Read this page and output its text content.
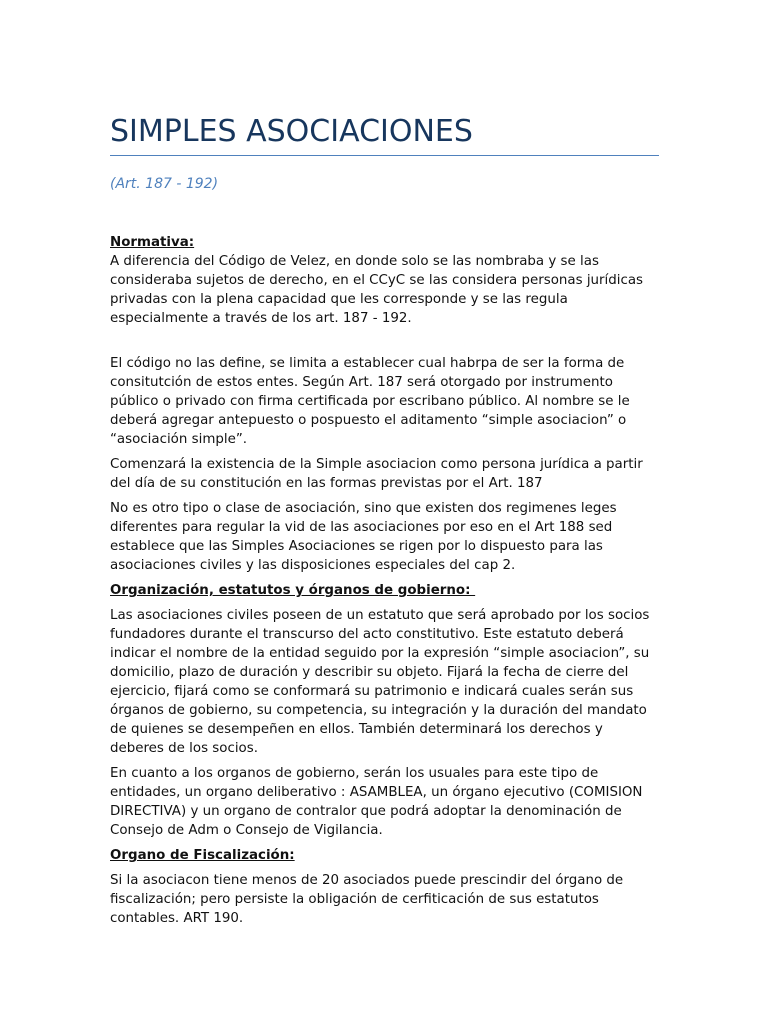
SIMPLES ASOCIACIONES

(Art. 187 - 192)

Normativa:

A diferencia del Código de Velez, en donde solo se las nombraba y se las consideraba sujetos de derecho, en el CCyC se las considera personas jurídicas privadas con la plena capacidad que les corresponde y se las regula especialmente a través de los art. 187 - 192.

El código no las define, se limita a establecer cual habrpa de ser la forma de consitutción de estos entes. Según Art. 187 será otorgado por instrumento público o privado con firma certificada por escribano público. Al nombre se le deberá agregar antepuesto o pospuesto el aditamento “simple asociacion” o “asociación simple”.

Comenzará la existencia de la Simple asociacion como persona jurídica a partir del día de su constitución en las formas previstas por el Art. 187

No es otro tipo o clase de asociación, sino que existen dos regimenes leges diferentes para regular la vid de las asociaciones por eso en el Art 188 sed establece que las Simples Asociaciones se rigen por lo dispuesto para las asociaciones civiles y las disposiciones especiales del cap 2.

Organización, estatutos y órganos de gobierno:

Las asociaciones civiles poseen de un estatuto que será aprobado por los socios fundadores durante el transcurso del acto constitutivo. Este estatuto deberá indicar el nombre de la entidad seguido por la expresión “simple asociacion”, su domicilio, plazo de duración y describir su objeto. Fijará la fecha de cierre del ejercicio, fijará como se conformará su patrimonio e indicará cuales serán sus órganos de gobierno, su competencia, su integración y la duración del mandato de quienes se desempeñen en ellos. También determinará los derechos y deberes de los socios.

En cuanto a los organos de gobierno, serán los usuales para este tipo de entidades, un organo deliberativo : ASAMBLEA, un órgano ejecutivo (COMISION DIRECTIVA) y un organo de contralor que podrá adoptar la denominación de Consejo de Adm o Consejo de Vigilancia.

Organo de Fiscalización:

Si la asociacon tiene menos de 20 asociados puede prescindir del órgano de fiscalización; pero persiste la obligación de cerfiticación de sus estatutos contables. ART 190.
